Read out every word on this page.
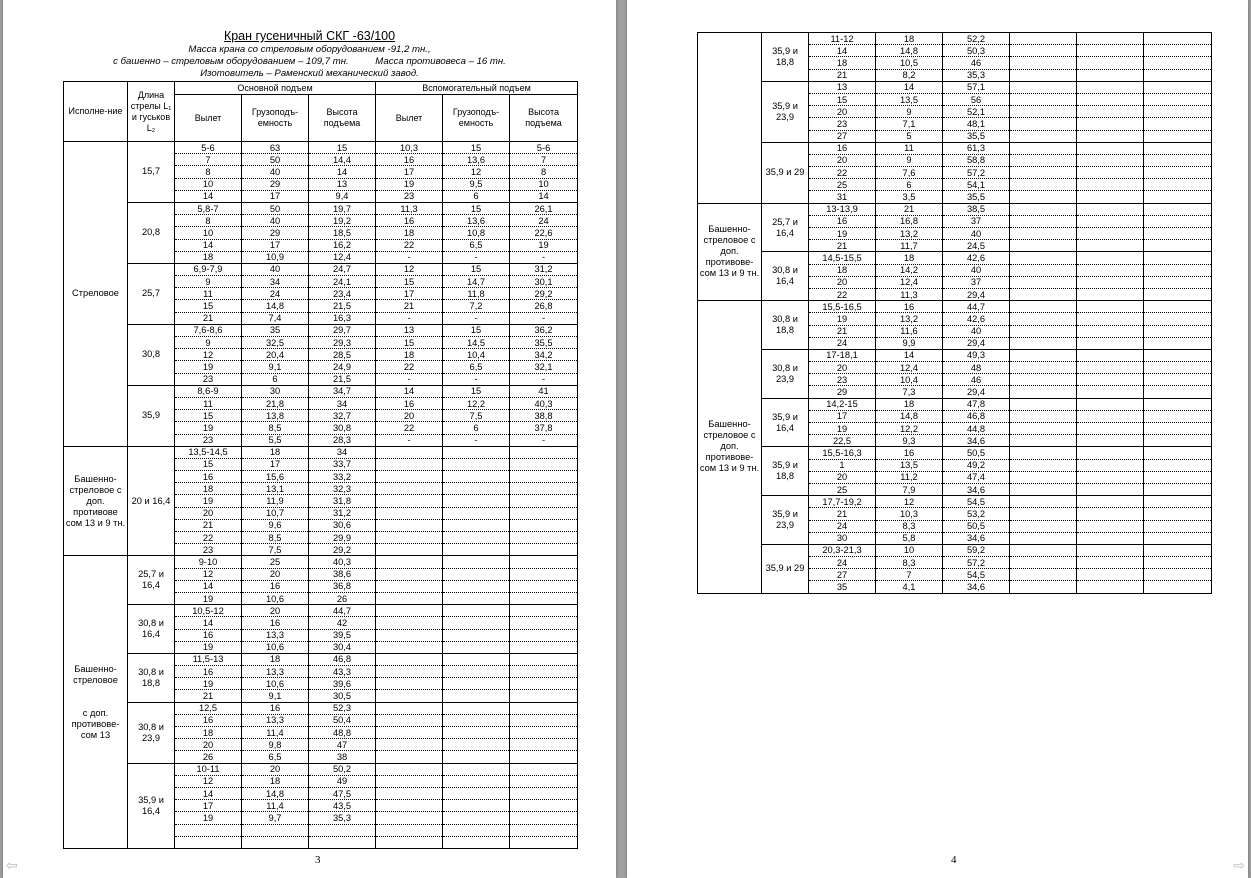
Кран гусеничный СКГ -63/100
Масса крана со стреловым оборудованием -91,2 тн.,
с башенно – стреловым оборудованием – 109,7 тн.          Масса противовеса – 16 тн.
Изотовитель – Раменский механический завод.
Исполне-ние	Длина стрелы L₁ и гуськов L₂	Основной подъем			Вспомогательный подъем		
		Вылет	Грузоподъ-емность	Высота подъема	Вылет	Грузоподъ-емность	Высота подъема
Стреловое	15,7	5-6	63	15	10,3	15	5-6
		7	50	14,4	16	13,6	7
		8	40	14	17	12	8
		10	29	13	19	9,5	10
		14	17	9,4	23	6	14
	20,8	5,8-7	50	19,7	11,3	15	26,1
		8	40	19,2	16	13,6	24
		10	29	18,5	18	10,8	22,6
		14	17	16,2	22	6,5	19
		18	10,9	12,4	-	-	-
	25,7	6,9-7,9	40	24,7	12	15	31,2
		9	34	24,1	15	14,7	30,1
		11	24	23,4	17	11,8	29,2
		15	14,8	21,5	21	7,2	26,8
		21	7,4	16,3	-	-	-
	30,8	7,6-8,6	35	29,7	13	15	36,2
		9	32,5	29,3	15	14,5	35,5
		12	20,4	28,5	18	10,4	34,2
		19	9,1	24,9	22	6,5	32,1
		23	6	21,5	-	-	-
	35,9	8,6-9	30	34,7	14	15	41
		11	21,8	34	16	12,2	40,3
		15	13,8	32,7	20	7,5	38,8
		19	8,5	30,8	22	6	37,8
		23	5,5	28,3	-	-	-
Башенно-стреловое с доп. противове сом 13 и 9 тн.	20 и 16,4	13,5-14,5	18	34			
		15	17	33,7			
		16	15,6	33,2			
		18	13,1	32,3			
		19	11,9	31,8			
		20	10,7	31,2			
		21	9,6	30,6			
		22	8,5	29,9			
		23	7,5	29,2			
Башенно-стреловое

с доп. противове-сом 13	25,7 и 16,4	9-10	25	40,3			
		12	20	38,6			
		14	16	36,8			
		19	10,6	26			
	30,8 и 16,4	10,5-12	20	44,7			
		14	16	42			
		16	13,3	39,5			
		19	10,6	30,4			
	30,8 и 18,8	11,5-13	18	46,8			
		16	13,3	43,3			
		19	10,6	39,6			
		21	9,1	30,5			
	30,8 и 23,9	12,5	16	52,3			
		16	13,3	50,4			
		18	11,4	48,8			
		20	9,8	47			
		26	6,5	38			
	35,9 и 16,4	10-11	20	50,2			
		12	18	49			
		14	14,8	47,5			
		17	11,4	43,5			
		19	9,7	35,3			

3
	35,9 и 18,8	11-12	18	52,2			
		14	14,8	50,3			
		18	10,5	46			
		21	8,2	35,3			
	35,9 и 23,9	13	14	57,1			
		15	13,5	56			
		20	9	52,1			
		23	7,1	48,1			
		27	5	35,5			
	35,9 и 29	16	11	61,3			
		20	9	58,8			
		22	7,6	57,2			
		25	6	54,1			
		31	3,5	35,5			
Башенно-стреловое с доп. противове-сом 13 и 9 тн.	25,7 и 16,4	13-13,9	21	38,5			
		16	16,8	37			
		19	13,2	40			
		21	11,7	24,5			
	30,8 и 16,4	14,5-15,5	18	42,6			
		18	14,2	40			
		20	12,4	37			
		22	11,3	29,4			
Башенно-стреловое с доп. противове-сом 13 и 9 тн.	30,8 и 18,8	15,5-16,5	16	44,7			
		19	13,2	42,6			
		21	11,6	40			
		24	9,9	29,4			
	30,8 и 23,9	17-18,1	14	49,3			
		20	12,4	48			
		23	10,4	46			
		29	7,3	29,4			
	35,9 и 16,4	14,2-15	18	47,8			
		17	14,8	46,8			
		19	12,2	44,8			
		22,5	9,3	34,6			
	35,9 и 18,8	15,5-16,3	16	50,5			
		1	13,5	49,2			
		20	11,2	47,4			
		25	7,9	34,6			
	35,9 и 23,9	17,7-19,2	12	54,5			
		21	10,3	53,2			
		24	8,3	50,5			
		30	5,8	34,6			
	35,9 и 29	20,3-21,3	10	59,2			
		24	8,3	57,2			
		27	7	54,5			
		35	4,1	34,6			
4
⇦	⇨
